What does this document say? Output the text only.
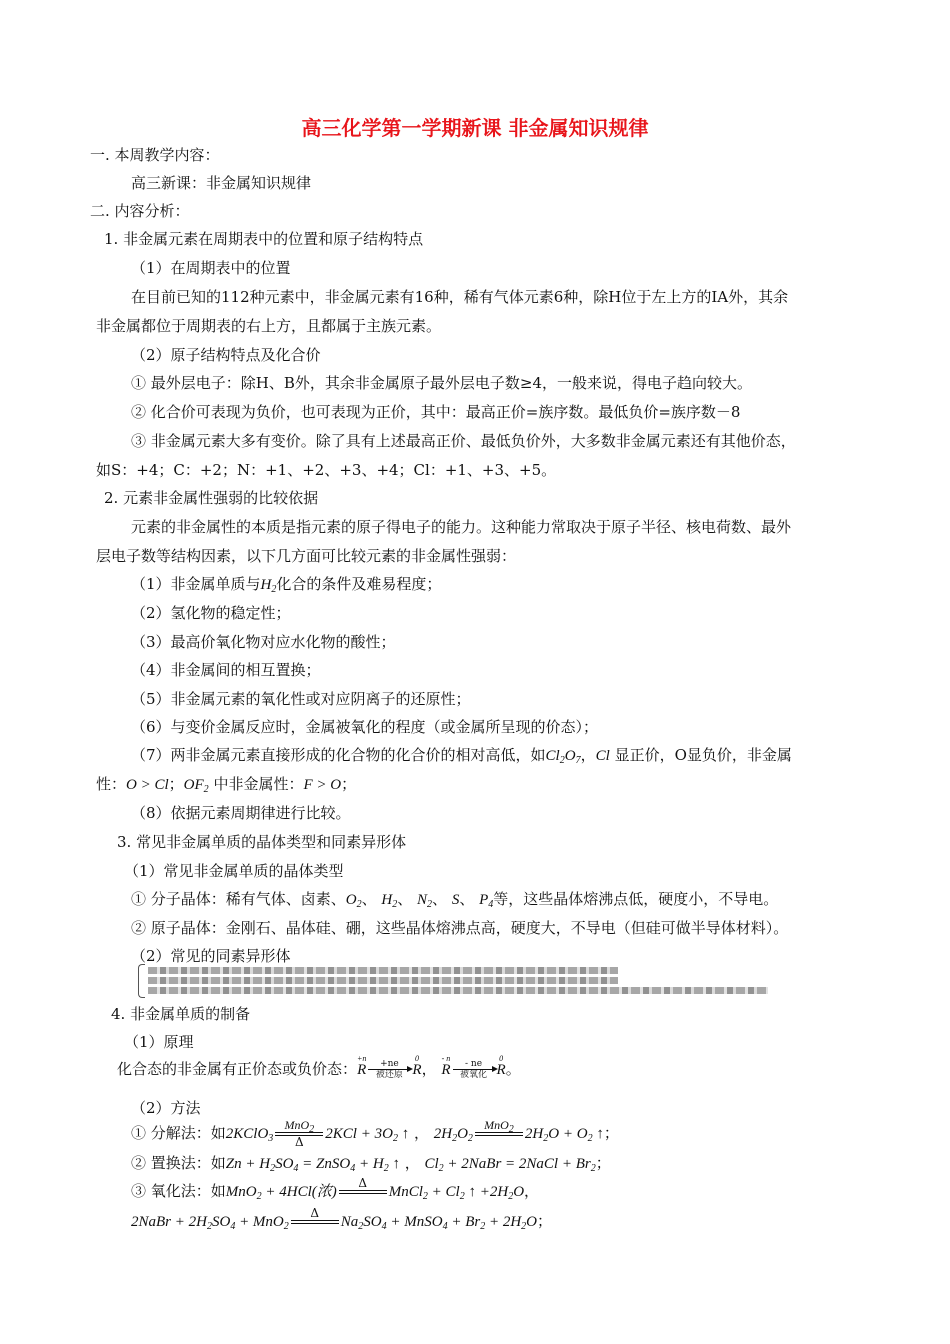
高三化学第一学期新课 非金属知识规律
一. 本周教学内容：
高三新课：非金属知识规律
二. 内容分析：
1. 非金属元素在周期表中的位置和原子结构特点
（1）在周期表中的位置
在目前已知的112种元素中，非金属元素有16种，稀有气体元素6种，除H位于左上方的IA外，其余
非金属都位于周期表的右上方，且都属于主族元素。
（2）原子结构特点及化合价
① 最外层电子：除H、B外，其余非金属原子最外层电子数≥4，一般来说，得电子趋向较大。
② 化合价可表现为负价，也可表现为正价，其中：最高正价=族序数。最低负价=族序数－8
③ 非金属元素大多有变价。除了具有上述最高正价、最低负价外，大多数非金属元素还有其他价态，
如S：+4；C：+2；N：+1、+2、+3、+4；Cl：+1、+3、+5。
2. 元素非金属性强弱的比较依据
元素的非金属性的本质是指元素的原子得电子的能力。这种能力常取决于原子半径、核电荷数、最外
层电子数等结构因素，以下几方面可比较元素的非金属性强弱：
（1）非金属单质与$H_2$化合的条件及难易程度；
（2）氢化物的稳定性；
（3）最高价氧化物对应水化物的酸性；
（4）非金属间的相互置换；
（5）非金属元素的氧化性或对应阴离子的还原性；
（6）与变价金属反应时，金属被氧化的程度（或金属所呈现的价态）；
（7）两非金属元素直接形成的化合物的化合价的相对高低，如$Cl_2O_7$，Cl 显正价，O显负价，非金属
性：O > Cl；$OF_2$ 中非金属性：F > O；
（8）依据元素周期律进行比较。
3. 常见非金属单质的晶体类型和同素异形体
（1）常见非金属单质的晶体类型
① 分子晶体：稀有气体、卤素、$O_2$、 $H_2$、 $N_2$、 S、 $P_4$等，这些晶体熔沸点低，硬度小，不导电。
② 原子晶体：金刚石、晶体硅、硼，这些晶体熔沸点高，硬度大，不导电（但硅可做半导体材料）。
（2）常见的同素异形体
4. 非金属单质的制备
（1）原理
化合态的非金属有正价态或负价态：
+n
R	+ne
被还原
0
R ，
- n
R	- ne
被氧化
0
R 。
（2）方法
① 分解法：如2KClO$_3$
MnO$_2$
Δ	$2KCl + 3O_2$ ↑ ， $2H_2O_2$
MnO$_2$
$2H_2O + O_2$ ↑；
② 置换法：如$Zn + H_2SO_4$ = ZnSO$_4$ + $H_2$ ↑ ， $Cl_2$ + 2NaBr = 2NaCl + $Br_2$；
③ 氧化法：如MnO$_2$ + 4HCl(浓)
Δ

MnCl$_2$ + $Cl_2$ ↑ $+2H_2O$，
2NaBr + $2H_2SO_4 + MnO_2$
Δ

$Na_2SO_4$ + MnSO$_4$ + $Br_2 + 2H_2O$；
